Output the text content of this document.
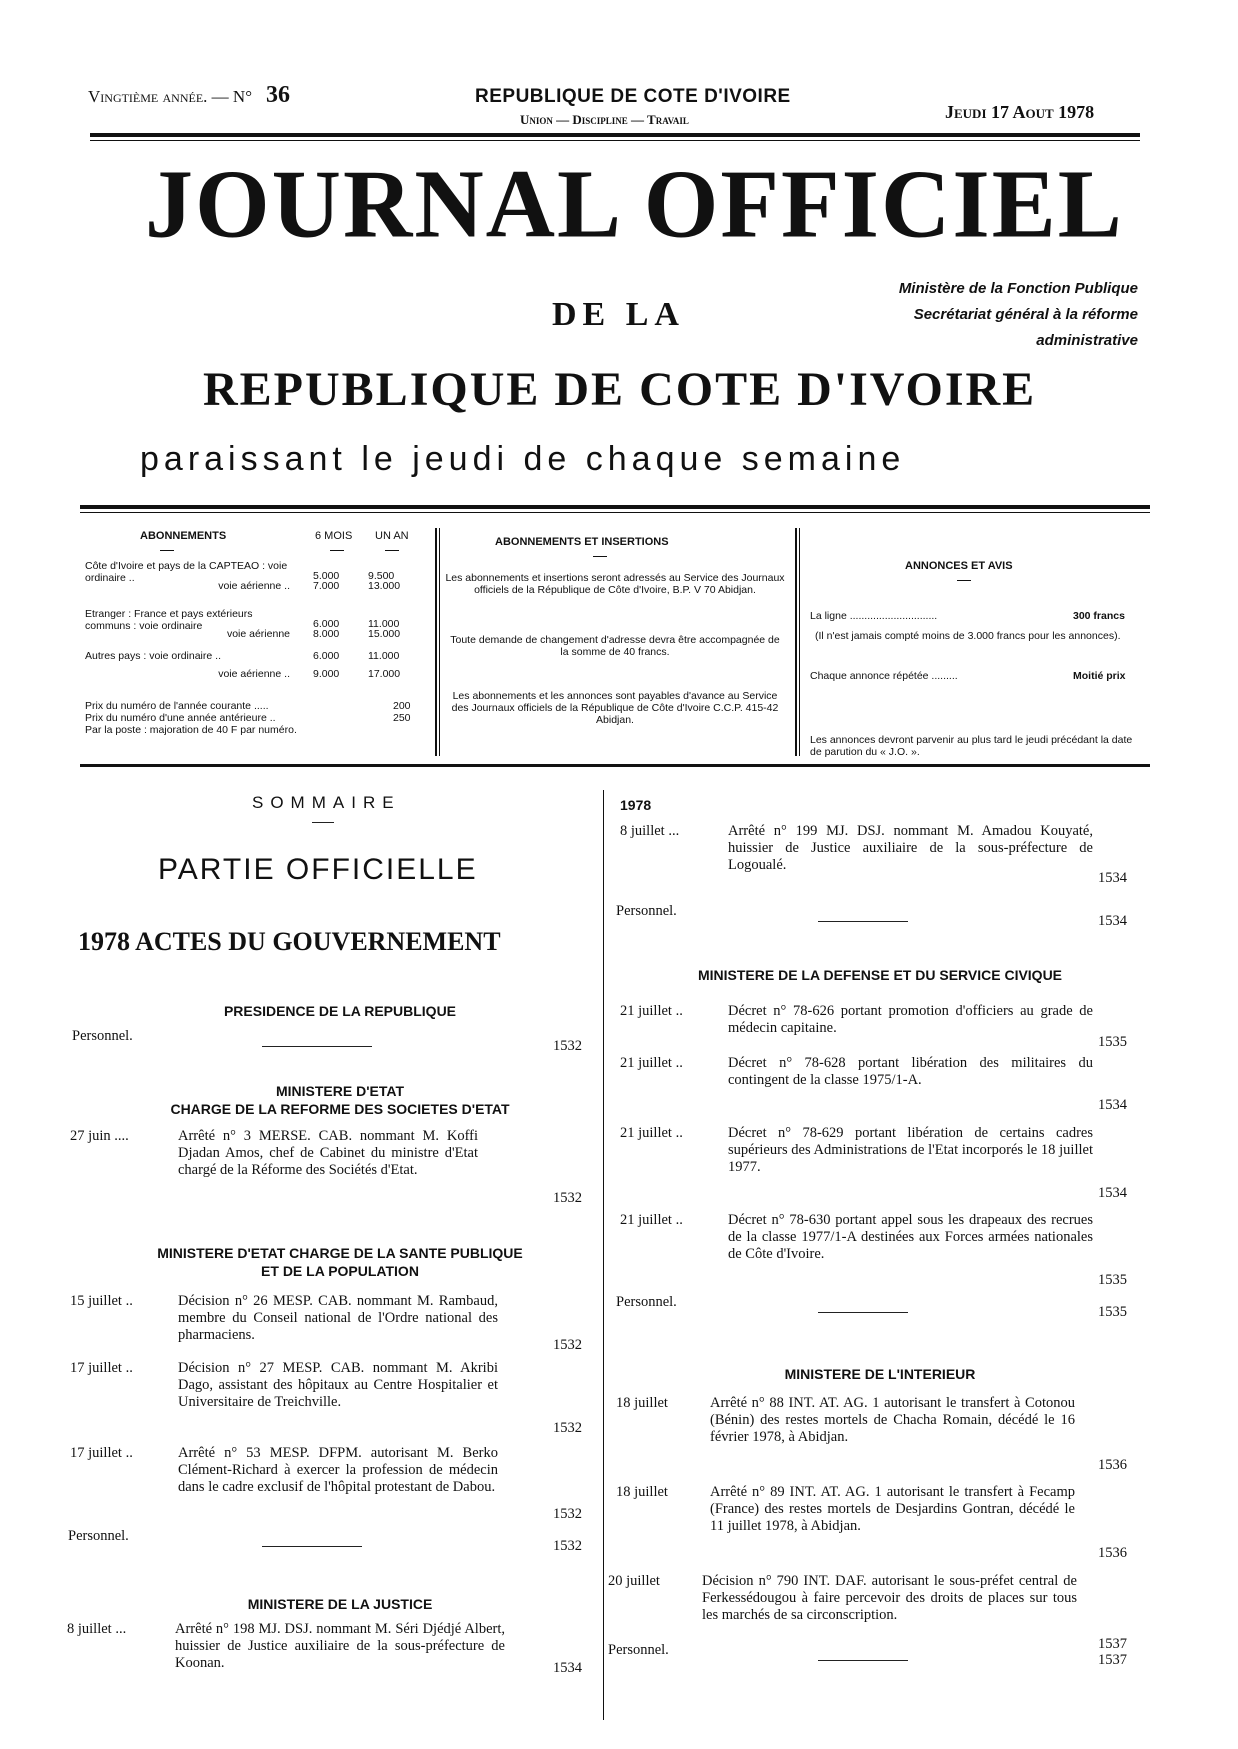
Vingtième année. — N° 36	REPUBLIQUE DE COTE D'IVOIRE
Union — Discipline — Travail	Jeudi 17 Aout 1978
JOURNAL OFFICIEL
DE LA
REPUBLIQUE DE COTE D'IVOIRE
paraissant le jeudi de chaque semaine
Ministère de la Fonction Publique
Secrétariat général à la réforme
administrative
ABONNEMENTS	6 MOIS UN AN
Côte d'Ivoire et pays de la CAPTEAO : voie ordinaire ..	5.000	9.500
voie aérienne .. 7.000	13.000
Etranger : France et pays extérieurs communs : voie ordinaire	6.000	11.000
voie aérienne 8.000	15.000
Autres pays : voie ordinaire ..	6.000	11.000
voie aérienne .. 9.000	17.000
Prix du numéro de l'année courante .....	200
Prix du numéro d'une année antérieure ..	250
Par la poste : majoration de 40 F par numéro.
ABONNEMENTS ET INSERTIONS
Les abonnements et insertions seront adressés au Service des Journaux officiels de la République de Côte d'Ivoire, B.P. V 70 Abidjan.
Toute demande de changement d'adresse devra être accompagnée de la somme de 40 francs.
Les abonnements et les annonces sont payables d'avance au Service des Journaux officiels de la République de Côte d'Ivoire C.C.P. 415-42 Abidjan.
ANNONCES ET AVIS
La ligne ..............................	300 francs
(Il n'est jamais compté moins de 3.000 francs pour les annonces).
Chaque annonce répétée .........	Moitié prix
Les annonces devront parvenir au plus tard le jeudi précédant la date de parution du « J.O. ».
SOMMAIRE
PARTIE OFFICIELLE
1978 ACTES DU GOUVERNEMENT
PRESIDENCE DE LA REPUBLIQUE
Personnel.
1532
MINISTERE D'ETAT
CHARGE DE LA REFORME DES SOCIETES D'ETAT
27 juin ....	Arrêté n° 3 MERSE. CAB. nommant M. Koffi Djadan Amos, chef de Cabinet du ministre d'Etat chargé de la Réforme des Sociétés d'Etat.
1532
MINISTERE D'ETAT CHARGE DE LA SANTE PUBLIQUE
ET DE LA POPULATION
15 juillet ..	Décision n° 26 MESP. CAB. nommant M. Rambaud, membre du Conseil national de l'Ordre national des pharmaciens.
1532
17 juillet ..	Décision n° 27 MESP. CAB. nommant M. Akribi Dago, assistant des hôpitaux au Centre Hospitalier et Universitaire de Treichville.
1532
17 juillet ..	Arrêté n° 53 MESP. DFPM. autorisant M. Berko Clément-Richard à exercer la profession de médecin dans le cadre exclusif de l'hôpital protestant de Dabou.
1532
Personnel.
1532
MINISTERE DE LA JUSTICE
8 juillet ...	Arrêté n° 198 MJ. DSJ. nommant M. Séri Djédjé Albert, huissier de Justice auxiliaire de la sous-préfecture de Koonan.	1534
1978
8 juillet ...	Arrêté n° 199 MJ. DSJ. nommant M. Amadou Kouyaté, huissier de Justice auxiliaire de la sous-préfecture de Logoualé.
1534
Personnel.
1534
MINISTERE DE LA DEFENSE ET DU SERVICE CIVIQUE
21 juillet ..	Décret n° 78-626 portant promotion d'officiers au grade de médecin capitaine.
1535
21 juillet ..	Décret n° 78-628 portant libération des militaires du contingent de la classe 1975/1-A.
1534
21 juillet ..	Décret n° 78-629 portant libération de certains cadres supérieurs des Administrations de l'Etat incorporés le 18 juillet 1977.
1534
21 juillet ..	Décret n° 78-630 portant appel sous les drapeaux des recrues de la classe 1977/1-A destinées aux Forces armées nationales de Côte d'Ivoire.
1535
Personnel.
1535
MINISTERE DE L'INTERIEUR
18 juillet	Arrêté n° 88 INT. AT. AG. 1 autorisant le transfert à Cotonou (Bénin) des restes mortels de Chacha Romain, décédé le 16 février 1978, à Abidjan.
1536
18 juillet	Arrêté n° 89 INT. AT. AG. 1 autorisant le transfert à Fecamp (France) des restes mortels de Desjardins Gontran, décédé le 11 juillet 1978, à Abidjan.
1536
20 juillet	Décision n° 790 INT. DAF. autorisant le sous-préfet central de Ferkessédougou à faire percevoir des droits de places sur tous les marchés de sa circonscription.
1537
Personnel.
1537
